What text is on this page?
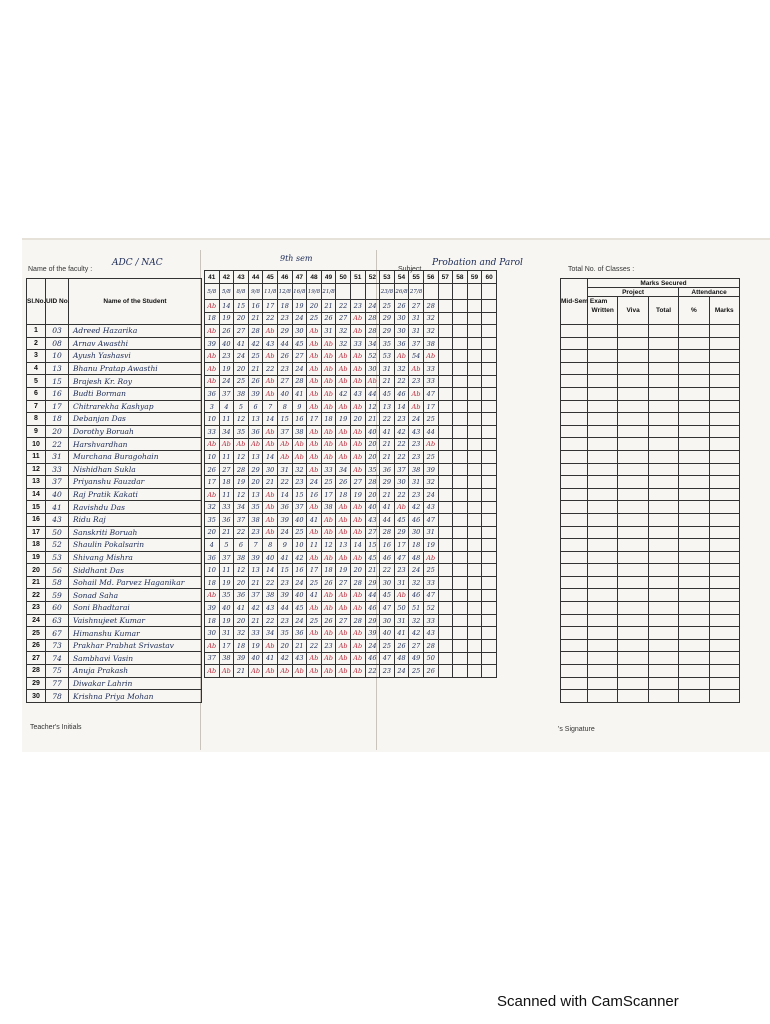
Name of the faculty :
ADC / NAC	9th sem
Subject
Probation and Parol
Total No. of Classes :
Sl.No.	UID No.	Name of the Student
1	03	Adreed Hazarika
2	08	Arnav Awasthi
3	10	Ayush Yashasvi
4	13	Bhanu Pratap Awasthi
5	15	Brajesh Kr. Roy
6	16	Budti Borman
7	17	Chitrarekha Kashyap
8	18	Debanjan Das
9	20	Dorothy Boruah
10	22	Harshvardhan
11	31	Murchana Buragohain
12	33	Nishidhan Sukla
13	37	Priyanshu Fauzdar
14	40	Raj Pratik Kakati
15	41	Ravishdu Das
16	43	Ridu Raj
17	50	Sanskriti Boruah
18	52	Shaulin Pokalsarin
19	53	Shivang Mishra
20	56	Siddhant Das
21	58	Sohail Md. Parvez Haganikar
22	59	Sonad Saha
23	60	Soni Bhadtarai
24	63	Vaishnujeet Kumar
25	67	Himanshu Kumar
26	73	Prakhar Prabhat Srivastav
27	74	Sambhavi Vasin
28	75	Anuja Prakash
29	77	Diwakar Lahrin
30	78	Krishna Priya Mohan
Teacher's Initials
41	42	43	44	45	46	47	48	49	50	51	52	53	54	55	56	57	58	59	60
5/8	5/8	8/8	9/8	11/8	12/8	16/8	19/8	21/8				23/8	26/8	27/8					
Ab	14	15	16	17	18	19	20	21	22	23	24	25	26	27	28				
18	19	20	21	22	23	24	25	26	27	Ab	28	29	30	31	32				
Ab	26	27	28	Ab	29	30	Ab	31	32	Ab	28	29	30	31	32				
39	40	41	42	43	44	45	Ab	Ab	32	33	34	35	36	37	38				
Ab	23	24	25	Ab	26	27	Ab	Ab	Ab	Ab	52	53	Ab	54	Ab				
Ab	19	20	21	22	23	24	Ab	Ab	Ab	Ab	30	31	32	Ab	33				
Ab	24	25	26	Ab	27	28	Ab	Ab	Ab	Ab	Ab	21	22	23	33				
36	37	38	39	Ab	40	41	Ab	Ab	42	43	44	45	46	Ab	47				
3	4	5	6	7	8	9	Ab	Ab	Ab	Ab	12	13	14	Ab	17				
10	11	12	13	14	15	16	17	18	19	20	21	22	23	24	25				
33	34	35	36	Ab	37	38	Ab	Ab	Ab	Ab	40	41	42	43	44				
Ab	Ab	Ab	Ab	Ab	Ab	Ab	Ab	Ab	Ab	Ab	20	21	22	23	Ab				
10	11	12	13	14	Ab	Ab	Ab	Ab	Ab	Ab	20	21	22	23	25				
26	27	28	29	30	31	32	Ab	33	34	Ab	35	36	37	38	39				
17	18	19	20	21	22	23	24	25	26	27	28	29	30	31	32				
Ab	11	12	13	Ab	14	15	16	17	18	19	20	21	22	23	24				
32	33	34	35	Ab	36	37	Ab	38	Ab	Ab	40	41	Ab	42	43				
35	36	37	38	Ab	39	40	41	Ab	Ab	Ab	43	44	45	46	47				
20	21	22	23	Ab	24	25	Ab	Ab	Ab	Ab	27	28	29	30	31				
4	5	6	7	8	9	10	11	12	13	14	15	16	17	18	19				
36	37	38	39	40	41	42	Ab	Ab	Ab	Ab	45	46	47	48	Ab				
10	11	12	13	14	15	16	17	18	19	20	21	22	23	24	25				
18	19	20	21	22	23	24	25	26	27	28	29	30	31	32	33				
Ab	35	36	37	38	39	40	41	Ab	Ab	Ab	44	45	Ab	46	47				
39	40	41	42	43	44	45	Ab	Ab	Ab	Ab	46	47	50	51	52				
18	19	20	21	22	23	24	25	26	27	28	29	30	31	32	33				
30	31	32	33	34	35	36	Ab	Ab	Ab	Ab	39	40	41	42	43				
Ab	17	18	19	Ab	20	21	22	23	Ab	Ab	24	25	26	27	28				
37	38	39	40	41	42	43	Ab	Ab	Ab	Ab	46	47	48	49	50				
Ab	Ab	21	Ab	Ab	Ab	Ab	Ab	Ab	Ab	Ab	22	23	24	25	26				
Mid-Sem Exam	Marks Secured				
	Project			Attendance	
	Written	Viva	Total	%	Marks

's Signature
Scanned with CamScanner
